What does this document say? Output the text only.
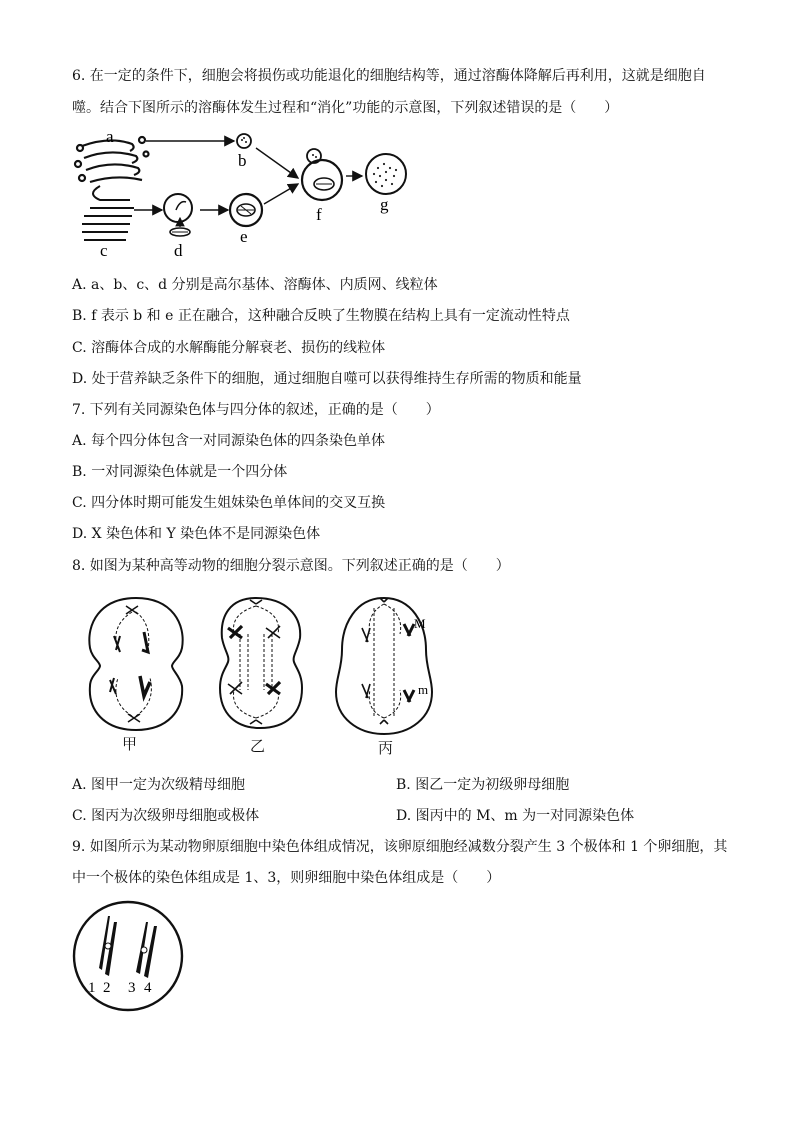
6. 在一定的条件下，细胞会将损伤或功能退化的细胞结构等，通过溶酶体降解后再利用，这就是细胞自
噬。结合下图所示的溶酶体发生过程和“消化”功能的示意图，下列叙述错误的是（　　）
a
b
c	d
e
f
g
A. a、b、c、d 分别是高尔基体、溶酶体、内质网、线粒体
B. f 表示 b 和 e 正在融合，这种融合反映了生物膜在结构上具有一定流动性特点
C. 溶酶体合成的水解酶能分解衰老、损伤的线粒体
D. 处于营养缺乏条件下的细胞，通过细胞自噬可以获得维持生存所需的物质和能量
7. 下列有关同源染色体与四分体的叙述，正确的是（　　）
A. 每个四分体包含一对同源染色体的四条染色单体
B. 一对同源染色体就是一个四分体
C. 四分体时期可能发生姐妹染色单体间的交叉互换
D. X 染色体和 Y 染色体不是同源染色体
8. 如图为某种高等动物的细胞分裂示意图。下列叙述正确的是（　　）
M
m
甲	乙	丙
A. 图甲一定为次级精母细胞	B. 图乙一定为初级卵母细胞
C. 图丙为次级卵母细胞或极体	D. 图丙中的 M、m 为一对同源染色体
9. 如图所示为某动物卵原细胞中染色体组成情况，该卵原细胞经减数分裂产生 3 个极体和 1 个卵细胞，其
中一个极体的染色体组成是 1、3，则卵细胞中染色体组成是（　　）
1 2 3 4
